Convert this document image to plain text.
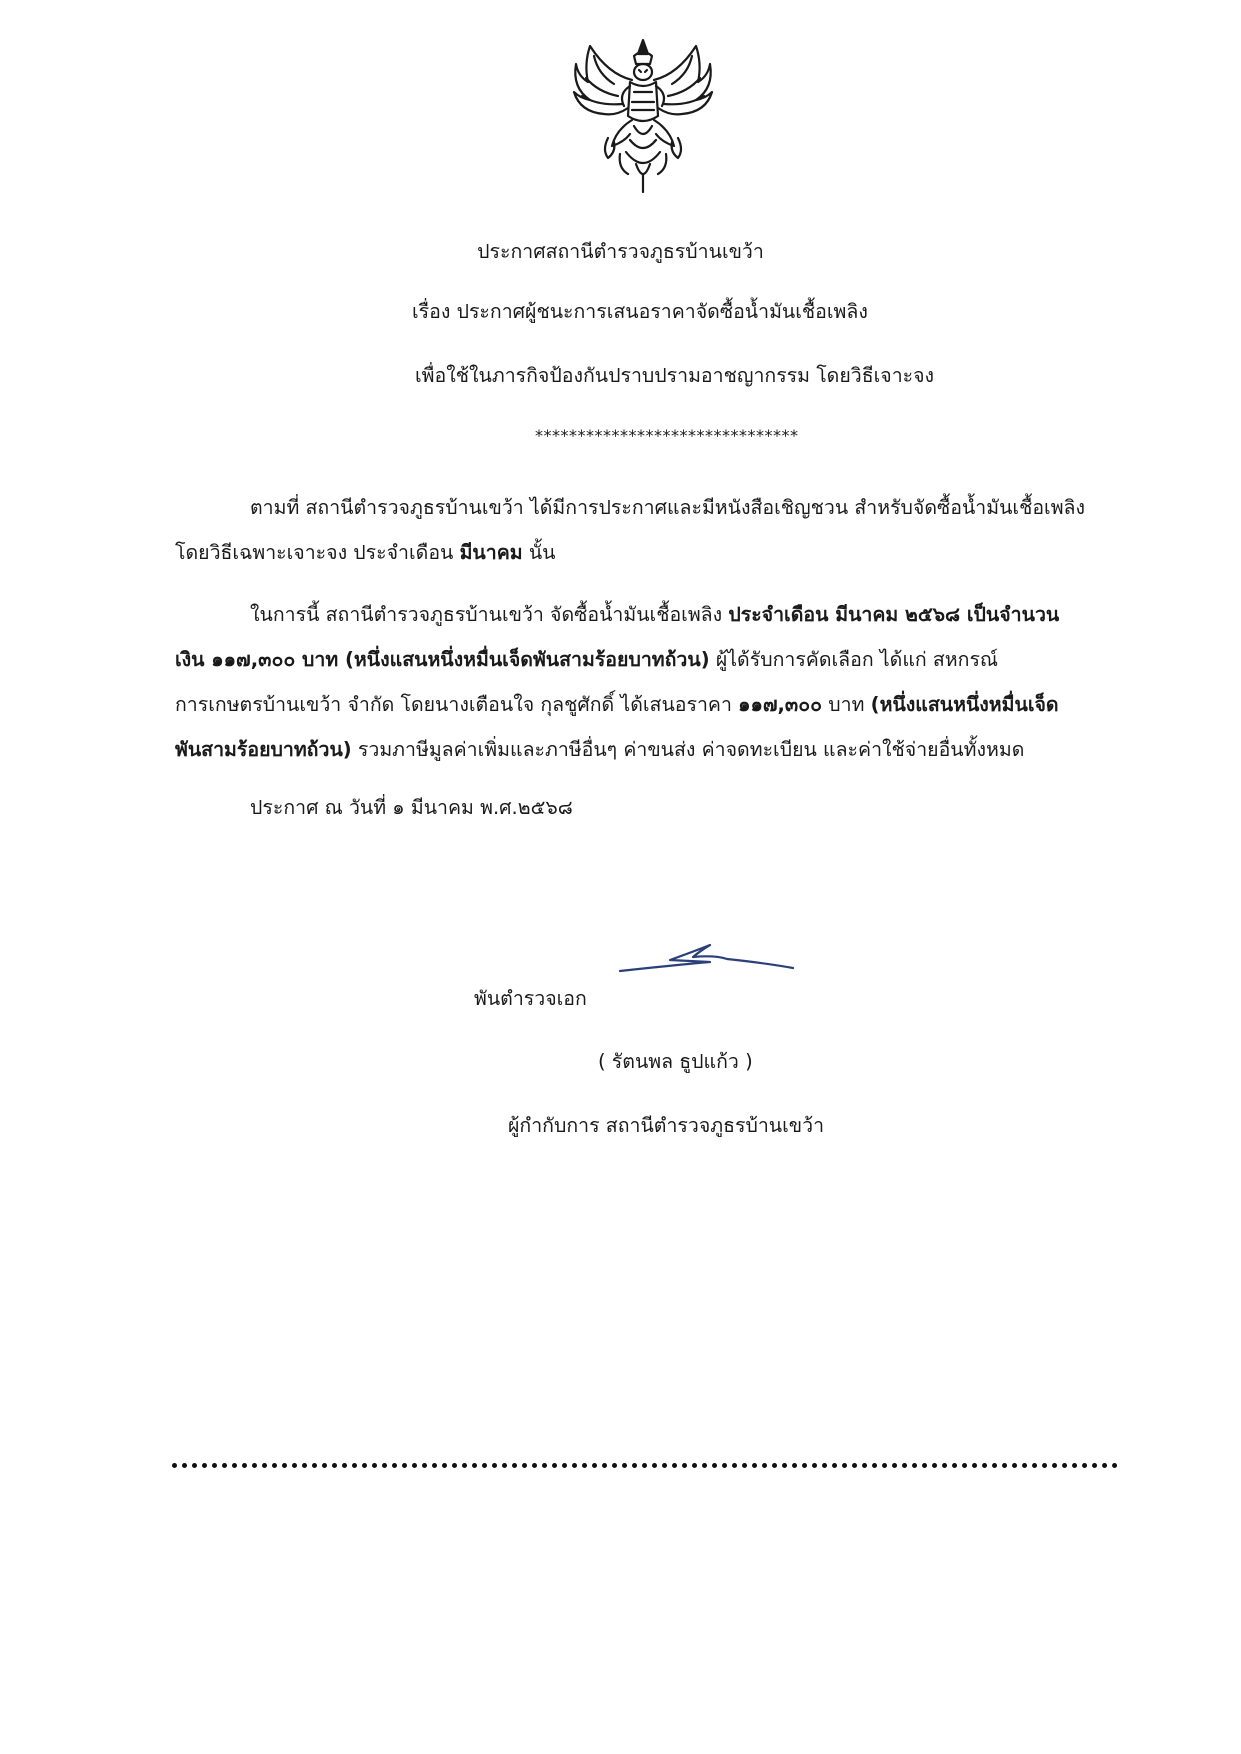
ประกาศสถานีตำรวจภูธรบ้านเขว้า
เรื่อง ประกาศผู้ชนะการเสนอราคาจัดซื้อน้ำมันเชื้อเพลิง
เพื่อใช้ในภารกิจป้องกันปราบปรามอาชญากรรม โดยวิธีเจาะจง
*******************************
ตามที่ สถานีตำรวจภูธรบ้านเขว้า ได้มีการประกาศและมีหนังสือเชิญชวน สำหรับจัดซื้อน้ำมันเชื้อเพลิง
โดยวิธีเฉพาะเจาะจง ประจำเดือน มีนาคม นั้น
ในการนี้ สถานีตำรวจภูธรบ้านเขว้า จัดซื้อน้ำมันเชื้อเพลิง ประจำเดือน มีนาคม ๒๕๖๘ เป็นจำนวน
เงิน ๑๑๗,๓๐๐ บาท (หนึ่งแสนหนึ่งหมื่นเจ็ดพันสามร้อยบาทถ้วน) ผู้ได้รับการคัดเลือก ได้แก่ สหกรณ์
การเกษตรบ้านเขว้า จำกัด โดยนางเตือนใจ กุลชูศักดิ์ ได้เสนอราคา ๑๑๗,๓๐๐ บาท (หนึ่งแสนหนึ่งหมื่นเจ็ด
พันสามร้อยบาทถ้วน) รวมภาษีมูลค่าเพิ่มและภาษีอื่นๆ ค่าขนส่ง ค่าจดทะเบียน และค่าใช้จ่ายอื่นทั้งหมด
ประกาศ ณ วันที่ ๑ มีนาคม พ.ศ.๒๕๖๘
พันตำรวจเอก
( รัตนพล ธูปแก้ว )
ผู้กำกับการ สถานีตำรวจภูธรบ้านเขว้า
